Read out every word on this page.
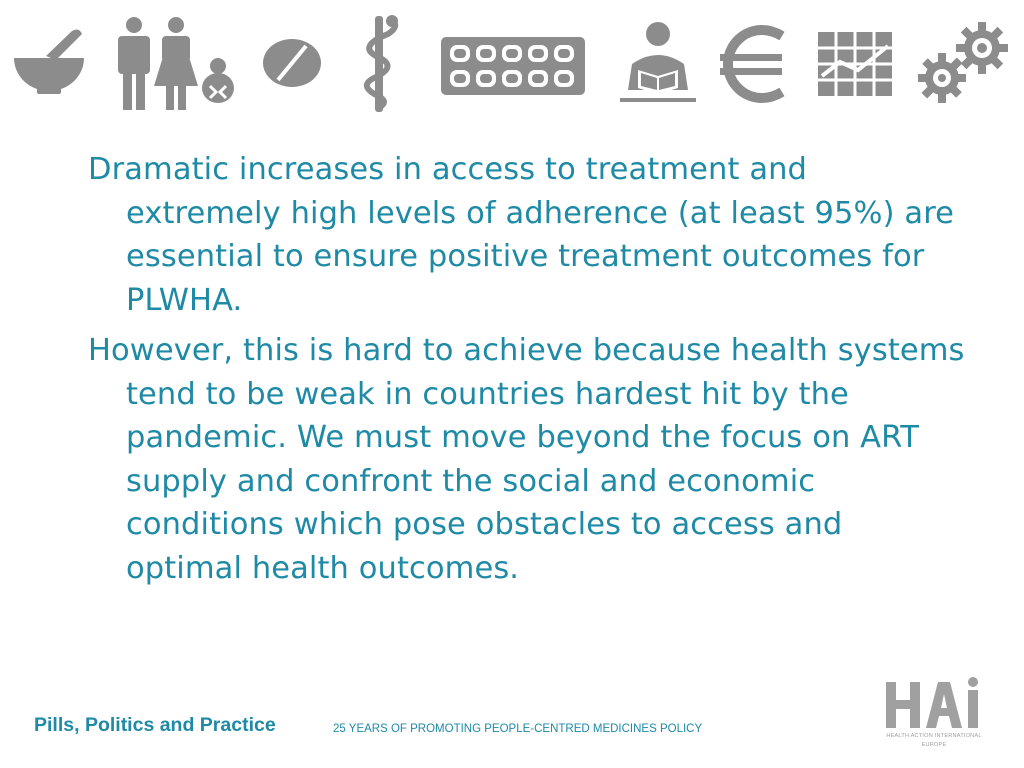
Dramatic increases in access to treatment and extremely high levels of adherence (at least 95%) are essential to ensure positive treatment outcomes for PLWHA.

However, this is hard to achieve because health systems tend to be weak in countries hardest hit by the pandemic. We must move beyond the focus on ART supply and confront the social and economic conditions which pose obstacles to access and optimal health outcomes.

Pills, Politics and Practice	25 YEARS OF PROMOTING PEOPLE-CENTRED MEDICINES POLICY
HEALTH ACTION INTERNATIONAL
EUROPE
